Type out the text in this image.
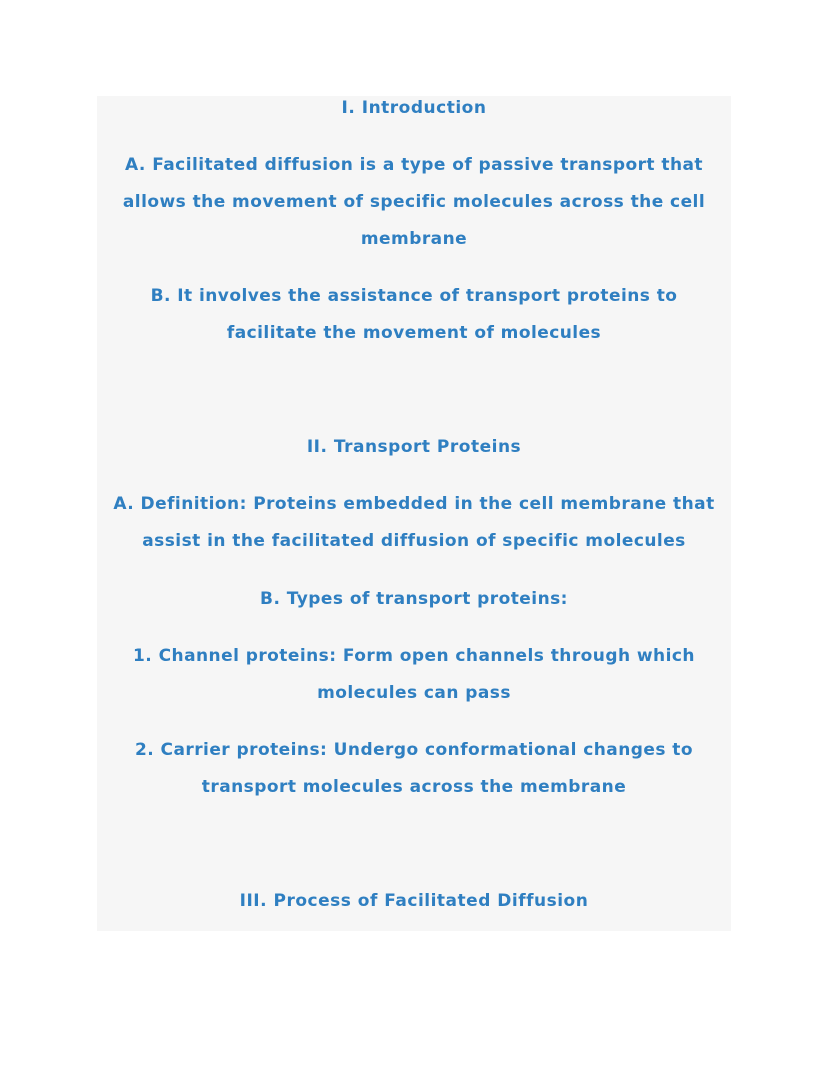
I. Introduction

A. Facilitated diffusion is a type of passive transport that

allows the movement of specific molecules across the cell

membrane

B. It involves the assistance of transport proteins to

facilitate the movement of molecules

II. Transport Proteins

A. Definition: Proteins embedded in the cell membrane that

assist in the facilitated diffusion of specific molecules

B. Types of transport proteins:

1. Channel proteins: Form open channels through which

molecules can pass

2. Carrier proteins: Undergo conformational changes to

transport molecules across the membrane

III. Process of Facilitated Diffusion
